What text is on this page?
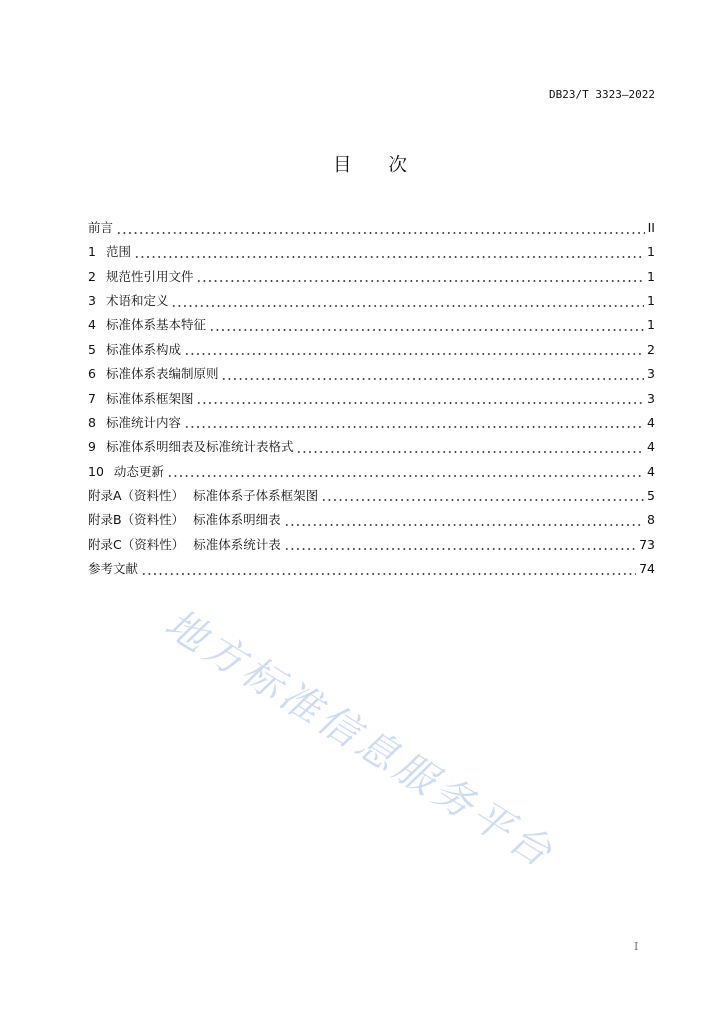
DB23/T 3323—2022
目　　次
前言	II
1 范围	1
2 规范性引用文件	1
3 术语和定义	1
4 标准体系基本特征	1
5 标准体系构成	2
6 标准体系表编制原则	3
7 标准体系框架图	3
8 标准统计内容	4
9 标准体系明细表及标准统计表格式	4
10 动态更新	4
附录A（资料性） 标准体系子体系框架图	5
附录B（资料性） 标准体系明细表	8
附录C（资料性） 标准体系统计表	73
参考文献	74
地方标准信息服务平台
I
